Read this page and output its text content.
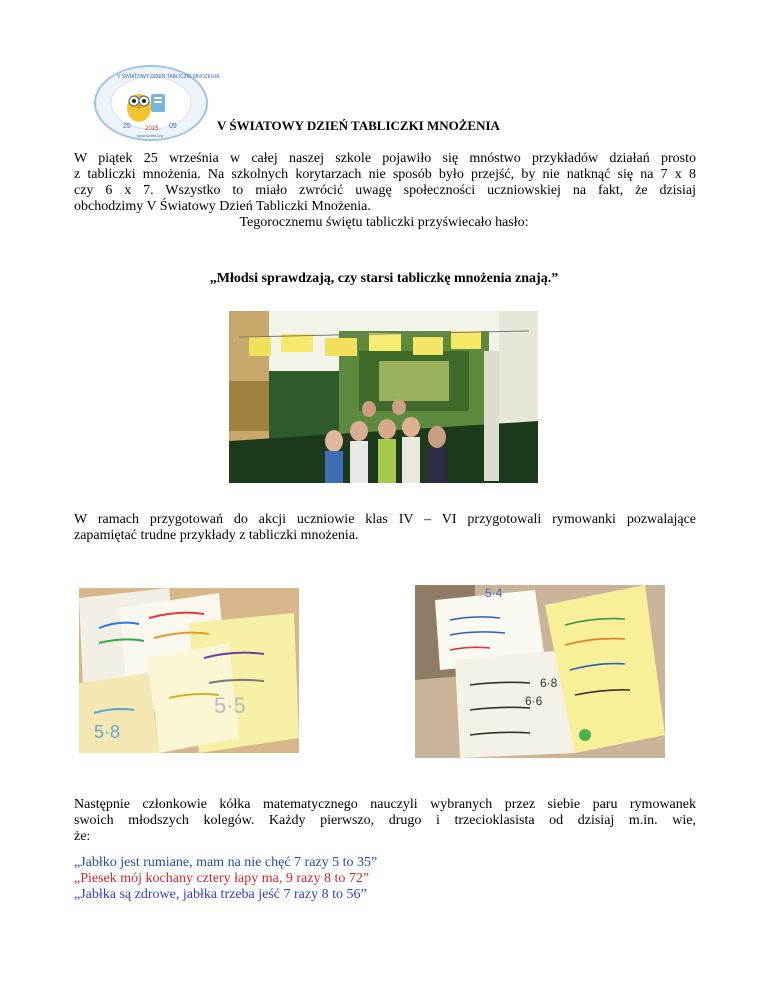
25	09
2015
www.wdtm.org
V ŚWIATOWY DZIEŃ TABLICZKI MNOŻENIA
V ŚWIATOWY DZIEŃ TABLICZKI MNOŻENIA
W piątek 25 września w całej naszej szkole pojawiło się mnóstwo przykładów działań prosto
z tabliczki mnożenia. Na szkolnych korytarzach nie sposób było przejść, by nie natknąć się na 7 x 8
czy 6 x 7. Wszystko to miało zwrócić uwagę społeczności uczniowskiej na fakt, że dzisiaj
obchodzimy V Światowy Dzień Tabliczki Mnożenia.
Tegorocznemu świętu tabliczki przyświecało hasło:
„Młodsi sprawdzają, czy starsi tabliczkę mnożenia znają.”
W ramach przygotowań do akcji uczniowie klas IV – VI przygotowali rymowanki pozwalające
zapamiętać trudne przykłady z tabliczki mnożenia.
5·5
5·8
5·4
6·6
6·8
Następnie członkowie kółka matematycznego nauczyli wybranych przez siebie paru rymowanek
swoich młodszych kolegów. Każdy pierwszo, drugo i trzecioklasista od dzisiaj m.in. wie,
że:
„Jabłko jest rumiane, mam na nie chęć 7 razy 5 to 35”
„Piesek mój kochany cztery łapy ma, 9 razy 8 to 72”
„Jabłka są zdrowe, jabłka trzeba jeść 7 razy 8 to 56”
